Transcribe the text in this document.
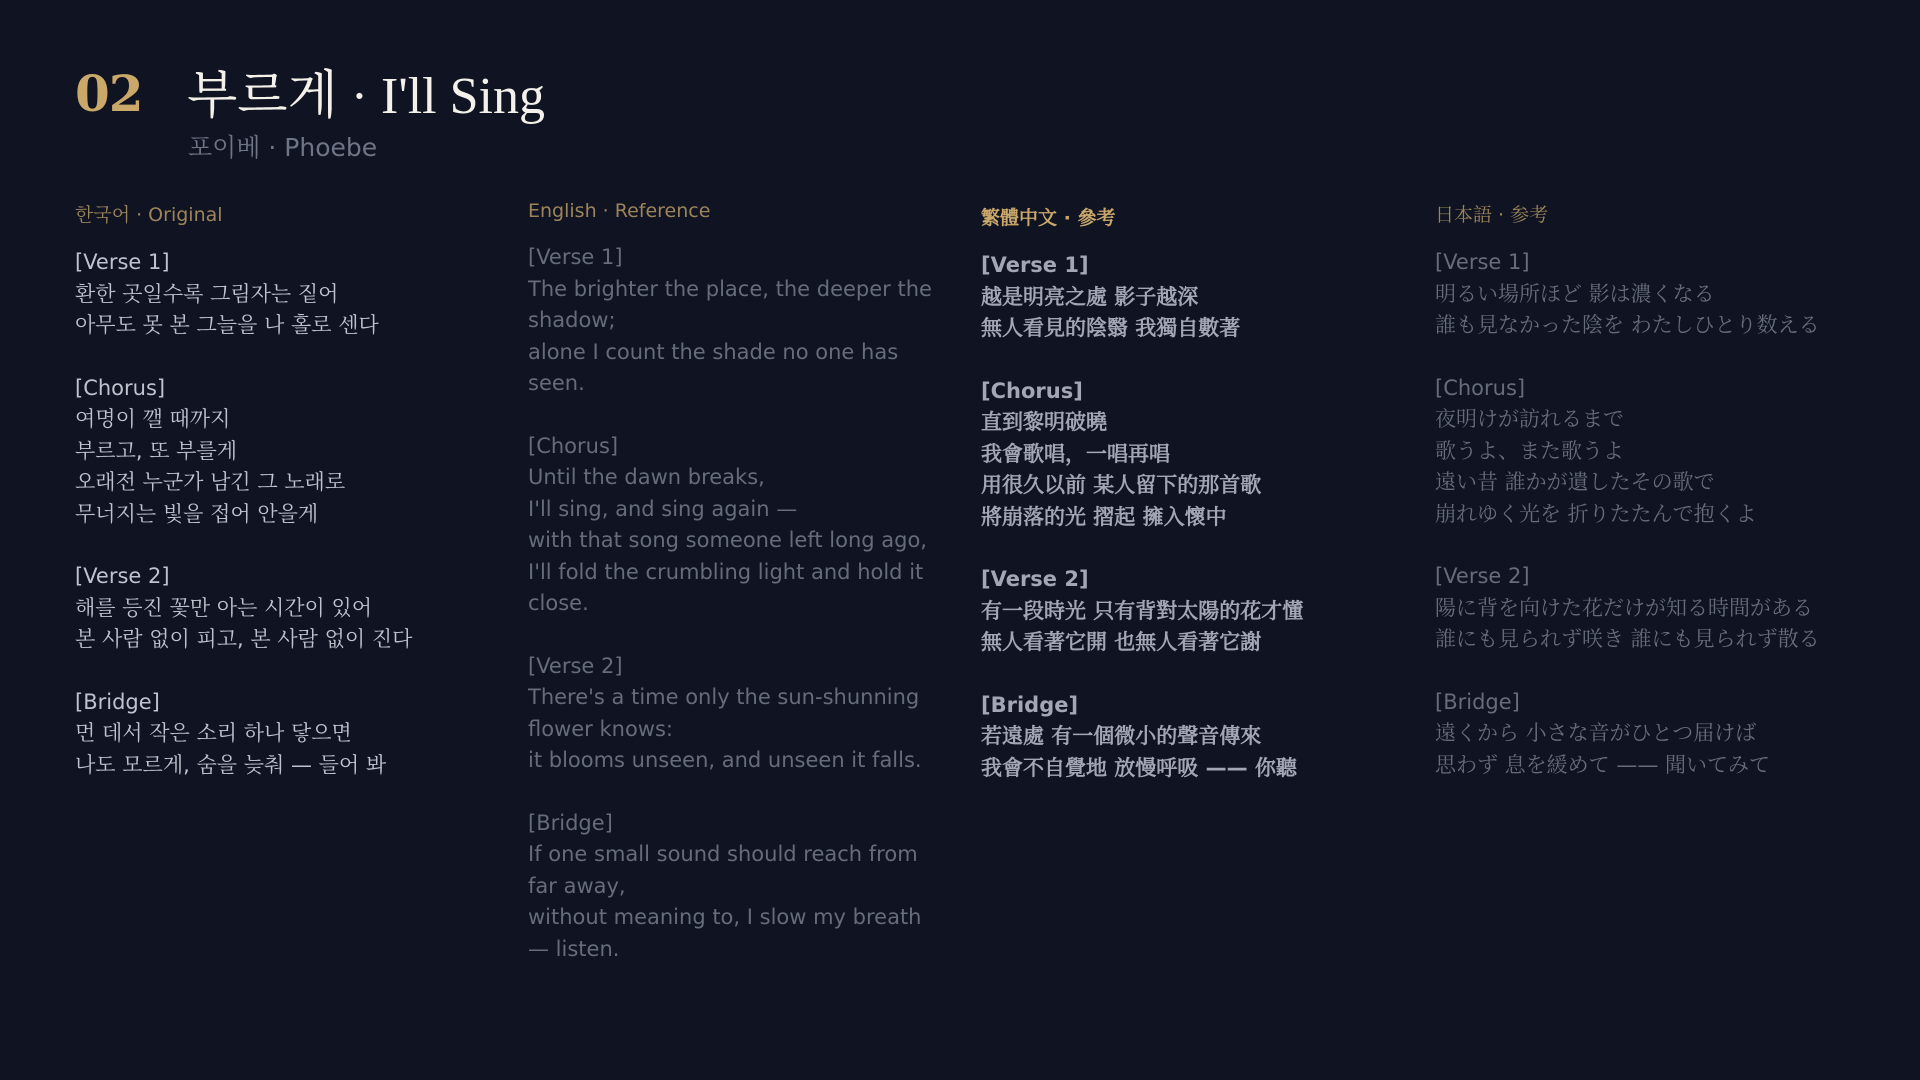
02 부르게 · I'll Sing
포이베 · Phoebe
한국어 · Original
[Verse 1]
환한 곳일수록 그림자는 짙어
아무도 못 본 그늘을 나 홀로 센다
[Chorus]
여명이 깰 때까지
부르고, 또 부를게
오래전 누군가 남긴 그 노래로
무너지는 빛을 접어 안을게
[Verse 2]
해를 등진 꽃만 아는 시간이 있어
본 사람 없이 피고, 본 사람 없이 진다
[Bridge]
먼 데서 작은 소리 하나 닿으면
나도 모르게, 숨을 늦춰 — 들어 봐
English · Reference
[Verse 1]
The brighter the place, the deeper the shadow;
alone I count the shade no one has seen.
[Chorus]
Until the dawn breaks,
I'll sing, and sing again —
with that song someone left long ago,
I'll fold the crumbling light and hold it close.
[Verse 2]
There's a time only the sun-shunning flower knows:
it blooms unseen, and unseen it falls.
[Bridge]
If one small sound should reach from far away,
without meaning to, I slow my breath — listen.
繁體中文 · 參考
[Verse 1]
越是明亮之處 影子越深
無人看見的陰翳 我獨自數著
[Chorus]
直到黎明破曉
我會歌唱，一唱再唱
用很久以前 某人留下的那首歌
將崩落的光 摺起 擁入懷中
[Verse 2]
有一段時光 只有背對太陽的花才懂
無人看著它開 也無人看著它謝
[Bridge]
若遠處 有一個微小的聲音傳來
我會不自覺地 放慢呼吸 —— 你聽
日本語 · 参考
[Verse 1]
明るい場所ほど 影は濃くなる
誰も見なかった陰を わたしひとり数える
[Chorus]
夜明けが訪れるまで
歌うよ、また歌うよ
遠い昔 誰かが遺したその歌で
崩れゆく光を 折りたたんで抱くよ
[Verse 2]
陽に背を向けた花だけが知る時間がある
誰にも見られず咲き 誰にも見られず散る
[Bridge]
遠くから 小さな音がひとつ届けば
思わず 息を緩めて —— 聞いてみて
